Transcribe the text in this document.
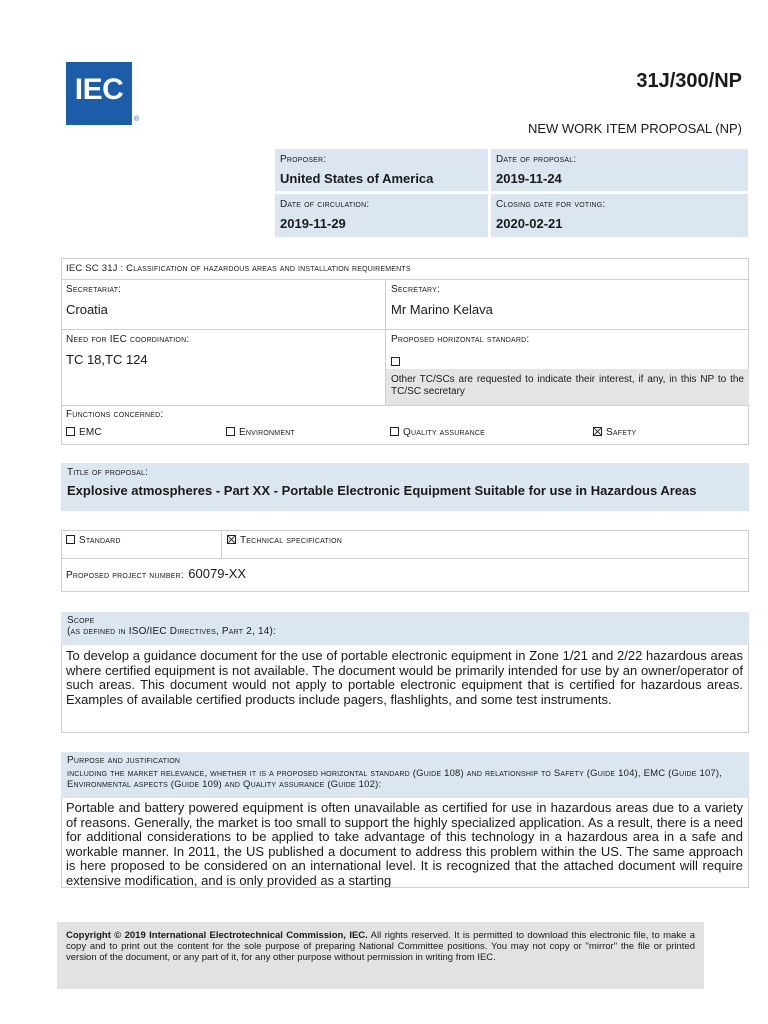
IEC
®
31J/300/NP
NEW WORK ITEM PROPOSAL (NP)
Proposer:
United States of America
Date of proposal:
2019-11-24
Date of circulation:
2019-11-29
Closing date for voting:
2020-02-21
IEC SC 31J : Classification of hazardous areas and installation requirements
Secretariat:
Croatia
Secretary:
Mr Marino Kelava
Need for IEC coordination:
TC 18,TC 124
Proposed horizontal standard:
Other TC/SCs are requested to indicate their interest, if any, in this NP to the TC/SC secretary
Functions concerned:
EMC	Environment	Quality assurance	Safety
Title of proposal:
Explosive atmospheres - Part XX - Portable Electronic Equipment Suitable for use in Hazardous Areas
Standard	Technical specification
Proposed project number: 60079-XX
Scope
(as defined in ISO/IEC Directives, Part 2, 14):
To develop a guidance document for the use of portable electronic equipment in Zone 1/21 and 2/22 hazardous areas where certified equipment is not available. The document would be primarily intended for use by an owner/operator of such areas. This document would not apply to portable electronic equipment that is certified for hazardous areas. Examples of available certified products include pagers, flashlights, and some test instruments.
Purpose and justification
including the market relevance, whether it is a proposed horizontal standard (Guide 108) and relationship to Safety (Guide 104), EMC (Guide 107), Environmental aspects (Guide 109) and Quality assurance (Guide 102):
Portable and battery powered equipment is often unavailable as certified for use in hazardous areas due to a variety of reasons. Generally, the market is too small to support the highly specialized application. As a result, there is a need for additional considerations to be applied to take advantage of this technology in a hazardous area in a safe and workable manner. In 2011, the US published a document to address this problem within the US. The same approach is here proposed to be considered on an international level. It is recognized that the attached document will require extensive modification, and is only provided as a starting
Copyright © 2019 International Electrotechnical Commission, IEC. All rights reserved. It is permitted to download this electronic file, to make a copy and to print out the content for the sole purpose of preparing National Committee positions. You may not copy or "mirror" the file or printed version of the document, or any part of it, for any other purpose without permission in writing from IEC.
